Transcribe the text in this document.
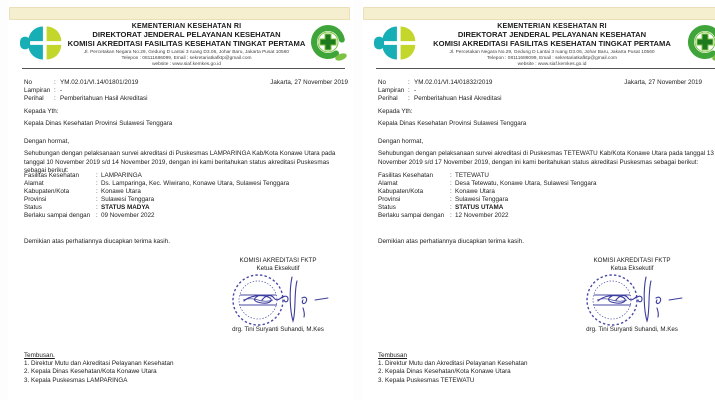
KEMENTERIAN KESEHATAN RI
DIREKTORAT JENDERAL PELAYANAN KESEHATAN
KOMISI AKREDITASI FASILITAS KESEHATAN TINGKAT PERTAMA
Jl. Percetakan Negara No.29, Gedung D Lantai 3 ruang D3.06, Johar Baru, Jakarta Pusat 10560
Telepon : 08111686099, Email : sekretariatkafktp@gmail.com
website : www.siaf.kemkes.go.id
No	: YM.02.01/VI.14/01801/2019
Lampiran : -
Perihal : Pemberitahuan Hasil Akreditasi
Jakarta, 27 November 2019
Kepada Yth:
Kepala Dinas Kesehatan Provinsi Sulawesi Tenggara
Dengan hormat,
Sehubungan dengan pelaksanaan survei akreditasi di Puskesmas LAMPARINGA Kab/Kota Konawe Utara pada tanggal 10 November 2019 s/d 14 November 2019, dengan ini kami beritahukan status akreditasi Puskesmas sebagai berikut:
Fasilitas Kesehatan	: LAMPARINGA
Alamat	: Ds. Lamparinga, Kec. Wiwirano, Konawe Utara, Sulawesi Tenggara
Kabupaten/Kota	: Konawe Utara
Provinsi	: Sulawesi Tenggara
Status	: STATUS MADYA
Berlaku sampai dengan : 09 November 2022
Demikian atas perhatiannya diucapkan terima kasih.
KOMISI AKREDITASI FKTP
Ketua Eksekutif
drg. Tini Suryanti Suhandi, M.Kes
Tembusan.
1. Direktur Mutu dan Akreditasi Pelayanan Kesehatan
2. Kepala Dinas Kesehatan/Kota Konawe Utara
3. Kepala Puskesmas LAMPARINGA
KEMENTERIAN KESEHATAN RI
DIREKTORAT JENDERAL PELAYANAN KESEHATAN
KOMISI AKREDITASI FASILITAS KESEHATAN TINGKAT PERTAMA
Jl. Percetakan Negara No.29, Gedung D Lantai 3 ruang D3.06, Johar Baru, Jakarta Pusat 10560
Telepon : 08111686099, Email : sekretariatkafktp@gmail.com
website : www.siaf.kemkes.go.id
No	: YM.02.01/VI.14/01832/2019
Lampiran : -
Perihal : Pemberitahuan Hasil Akreditasi
Jakarta, 27 November 2019
Kepada Yth:
Kepala Dinas Kesehatan Provinsi Sulawesi Tenggara
Dengan hormat,
Sehubungan dengan pelaksanaan survei akreditasi di Puskesmas TETEWATU Kab/Kota Konawe Utara pada tanggal 13 November 2019 s/d 17 November 2019, dengan ini kami beritahukan status akreditasi Puskesmas sebagai berikut:
Fasilitas Kesehatan	: TETEWATU
Alamat	: Desa Tetewatu, Konawe Utara, Sulawesi Tenggara
Kabupaten/Kota	: Konawe Utara
Provinsi	: Sulawesi Tenggara
Status	: STATUS UTAMA
Berlaku sampai dengan : 12 November 2022
Demikian atas perhatiannya diucapkan terima kasih.
KOMISI AKREDITASI FKTP
Ketua Eksekutif
drg. Tini Suryanti Suhandi, M.Kes
Tembusan
1. Direktur Mutu dan Akreditasi Pelayanan Kesehatan
2. Kepala Dinas Kesehatan/Kota Konawe Utara
3. Kepala Puskesmas TETEWATU
